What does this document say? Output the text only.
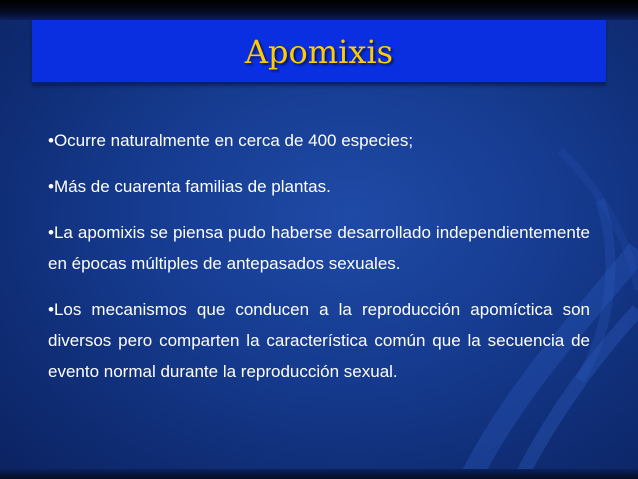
Apomixis

•Ocurre naturalmente en cerca de 400 especies;

•Más de cuarenta familias de plantas.

•La apomixis se piensa pudo haberse desarrollado independientemente en épocas múltiples de antepasados sexuales.

•Los mecanismos que conducen a la reproducción apomíctica son diversos pero comparten la característica común que la secuencia de evento normal durante la reproducción sexual.
